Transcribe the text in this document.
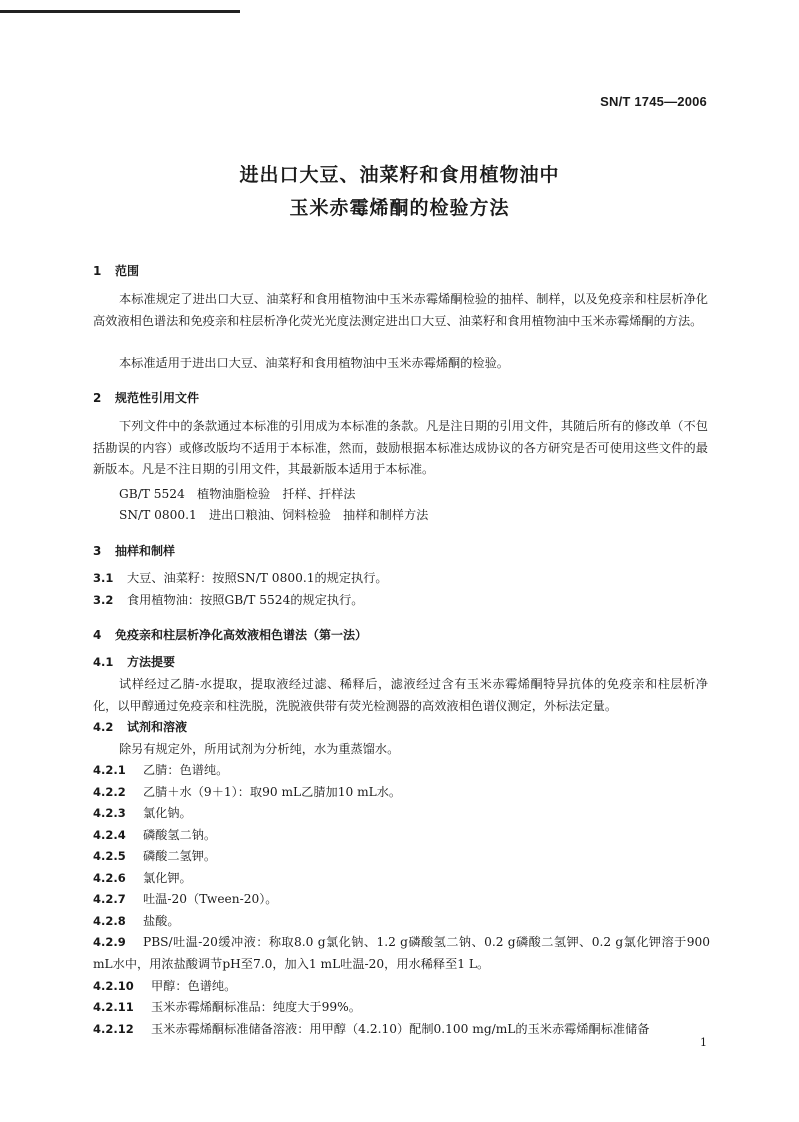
SN/T 1745—2006
进出口大豆、油菜籽和食用植物油中
玉米赤霉烯酮的检验方法
1 范围
本标准规定了进出口大豆、油菜籽和食用植物油中玉米赤霉烯酮检验的抽样、制样，以及免疫亲和柱层析净化高效液相色谱法和免疫亲和柱层析净化荧光光度法测定进出口大豆、油菜籽和食用植物油中玉米赤霉烯酮的方法。
本标准适用于进出口大豆、油菜籽和食用植物油中玉米赤霉烯酮的检验。
2 规范性引用文件
下列文件中的条款通过本标准的引用成为本标准的条款。凡是注日期的引用文件，其随后所有的修改单（不包括勘误的内容）或修改版均不适用于本标准，然而，鼓励根据本标准达成协议的各方研究是否可使用这些文件的最新版本。凡是不注日期的引用文件，其最新版本适用于本标准。
GB/T 5524　植物油脂检验　扦样、扞样法
SN/T 0800.1　进出口粮油、饲料检验　抽样和制样方法
3 抽样和制样
3.1 大豆、油菜籽：按照SN/T 0800.1的规定执行。
3.2 食用植物油：按照GB/T 5524的规定执行。
4 免疫亲和柱层析净化高效液相色谱法（第一法）
4.1 方法提要
试样经过乙腈-水提取，提取液经过滤、稀释后，滤液经过含有玉米赤霉烯酮特异抗体的免疫亲和柱层析净化，以甲醇通过免疫亲和柱洗脱，洗脱液供带有荧光检测器的高效液相色谱仪测定，外标法定量。
4.2 试剂和溶液
除另有规定外，所用试剂为分析纯，水为重蒸馏水。
4.2.1 乙腈：色谱纯。
4.2.2 乙腈＋水（9＋1）：取90 mL乙腈加10 mL水。
4.2.3 氯化钠。
4.2.4 磷酸氢二钠。
4.2.5 磷酸二氢钾。
4.2.6 氯化钾。
4.2.7 吐温-20（Tween-20）。
4.2.8 盐酸。
4.2.9 PBS/吐温-20缓冲液：称取8.0 g氯化钠、1.2 g磷酸氢二钠、0.2 g磷酸二氢钾、0.2 g氯化钾溶于900 mL水中，用浓盐酸调节pH至7.0，加入1 mL吐温-20，用水稀释至1 L。
4.2.10 甲醇：色谱纯。
4.2.11 玉米赤霉烯酮标准品：纯度大于99%。
4.2.12 玉米赤霉烯酮标准储备溶液：用甲醇（4.2.10）配制0.100 mg/mL的玉米赤霉烯酮标准储备
1
